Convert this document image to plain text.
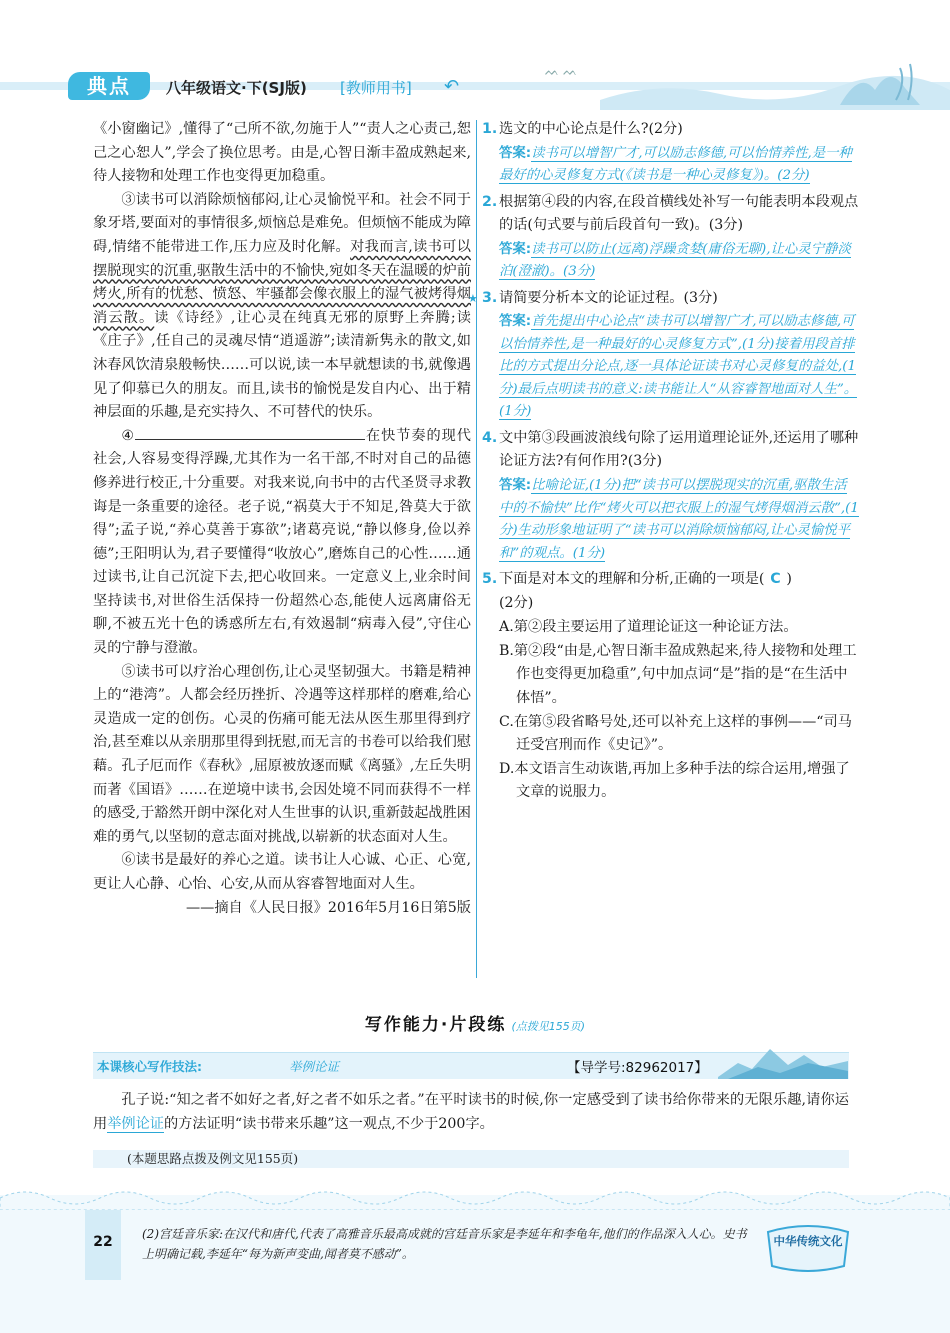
典点	八年级语文·下(SJ版) [教师用书] ↶
ᨓ ᨓ

《小窗幽记》,懂得了“己所不欲,勿施于人”“责人之心责己,恕己之心恕人”,学会了换位思考。由是,心智日渐丰盈成熟起来,待人接物和处理工作也变得更加稳重。

③读书可以消除烦恼郁闷,让心灵愉悦平和。社会不同于象牙塔,要面对的事情很多,烦恼总是难免。但烦恼不能成为障碍,情绪不能带进工作,压力应及时化解。对我而言,读书可以摆脱现实的沉重,驱散生活中的不愉快,宛如冬天在温暖的炉前烤火,所有的忧愁、愤怒、牢骚都会像衣服上的湿气被烤得烟消云散。读《诗经》,让心灵在纯真无邪的原野上奔腾;读《庄子》,任自己的灵魂尽情“逍遥游”;读清新隽永的散文,如沐春风饮清泉般畅快……可以说,读一本早就想读的书,就像遇见了仰慕已久的朋友。而且,读书的愉悦是发自内心、出于精神层面的乐趣,是充实持久、不可替代的快乐。

④	在快节奏的现代社会,人容易变得浮躁,尤其作为一名干部,不时对自己的品德修养进行校正,十分重要。对我来说,向书中的古代圣贤寻求教诲是一条重要的途径。老子说,“祸莫大于不知足,咎莫大于欲得”;孟子说,“养心莫善于寡欲”;诸葛亮说,“静以修身,俭以养德”;王阳明认为,君子要懂得“收放心”,磨炼自己的心性……通过读书,让自己沉淀下去,把心收回来。一定意义上,业余时间坚持读书,对世俗生活保持一份超然心态,能使人远离庸俗无聊,不被五光十色的诱惑所左右,有效遏制“病毒入侵”,守住心灵的宁静与澄澈。

⑤读书可以疗治心理创伤,让心灵坚韧强大。书籍是精神上的“港湾”。人都会经历挫折、冷遇等这样那样的磨难,给心灵造成一定的创伤。心灵的伤痛可能无法从医生那里得到疗治,甚至难以从亲朋那里得到抚慰,而无言的书卷可以给我们慰藉。孔子厄而作《春秋》,屈原被放逐而赋《离骚》,左丘失明而著《国语》……在逆境中读书,会因处境不同而获得不一样的感受,于豁然开朗中深化对人生世事的认识,重新鼓起战胜困难的勇气,以坚韧的意志面对挑战,以崭新的状态面对人生。

⑥读书是最好的养心之道。读书让人心诚、心正、心宽,更让人心静、心怡、心安,从而从容睿智地面对人生。

——摘自《人民日报》2016年5月16日第5版

1. 选文的中心论点是什么?(2分)

答案:读书可以增智广才,可以励志修德,可以怡情养性,是一种最好的心灵修复方式(《读书是一种心灵修复》)。(2分)

2. 根据第④段的内容,在段首横线处补写一句能表明本段观点的话(句式要与前后段首句一致)。(3分)

答案:读书可以防止(远离)浮躁贪婪(庸俗无聊),让心灵宁静淡泊(澄澈)。(3分)

★ 3. 请简要分析本文的论证过程。(3分)

答案:首先提出中心论点“读书可以增智广才,可以励志修德,可以怡情养性,是一种最好的心灵修复方式”,(1分)接着用段首排比的方式提出分论点,逐一具体论证读书对心灵修复的益处,(1分)最后点明读书的意义:读书能让人“从容睿智地面对人生”。(1分)

4. 文中第③段画波浪线句除了运用道理论证外,还运用了哪种论证方法?有何作用?(3分)

答案:比喻论证,(1分)把“读书可以摆脱现实的沉重,驱散生活中的不愉快”比作“烤火可以把衣服上的湿气烤得烟消云散”,(1分)生动形象地证明了“读书可以消除烦恼郁闷,让心灵愉悦平和”的观点。(1分)

5. 下面是对本文的理解和分析,正确的一项是( C )
(2分)

A.第②段主要运用了道理论证这一种论证方法。

B.第②段“由是,心智日渐丰盈成熟起来,待人接物和处理工作也变得更加稳重”,句中加点词“是”指的是“在生活中体悟”。

C.在第⑤段省略号处,还可以补充上这样的事例——“司马迁受宫刑而作《史记》”。

D.本文语言生动诙谐,再加上多种手法的综合运用,增强了文章的说服力。

写作能力·片段练 (点拨见155页)
本课核心写作技法:	举例论证	【导学号:82962017】

孔子说:“知之者不如好之者,好之者不如乐之者。”在平时读书的时候,你一定感受到了读书给你带来的无限乐趣,请你运用举例论证的方法证明“读书带来乐趣”这一观点,不少于200字。

(本题思路点拨及例文见155页)
22	(2)宫廷音乐家:在汉代和唐代,代表了高雅音乐最高成就的宫廷音乐家是李延年和李龟年,他们的作品深入人心。史书上明确记载,李延年“每为新声变曲,闻者莫不感动”。

中华传统文化
